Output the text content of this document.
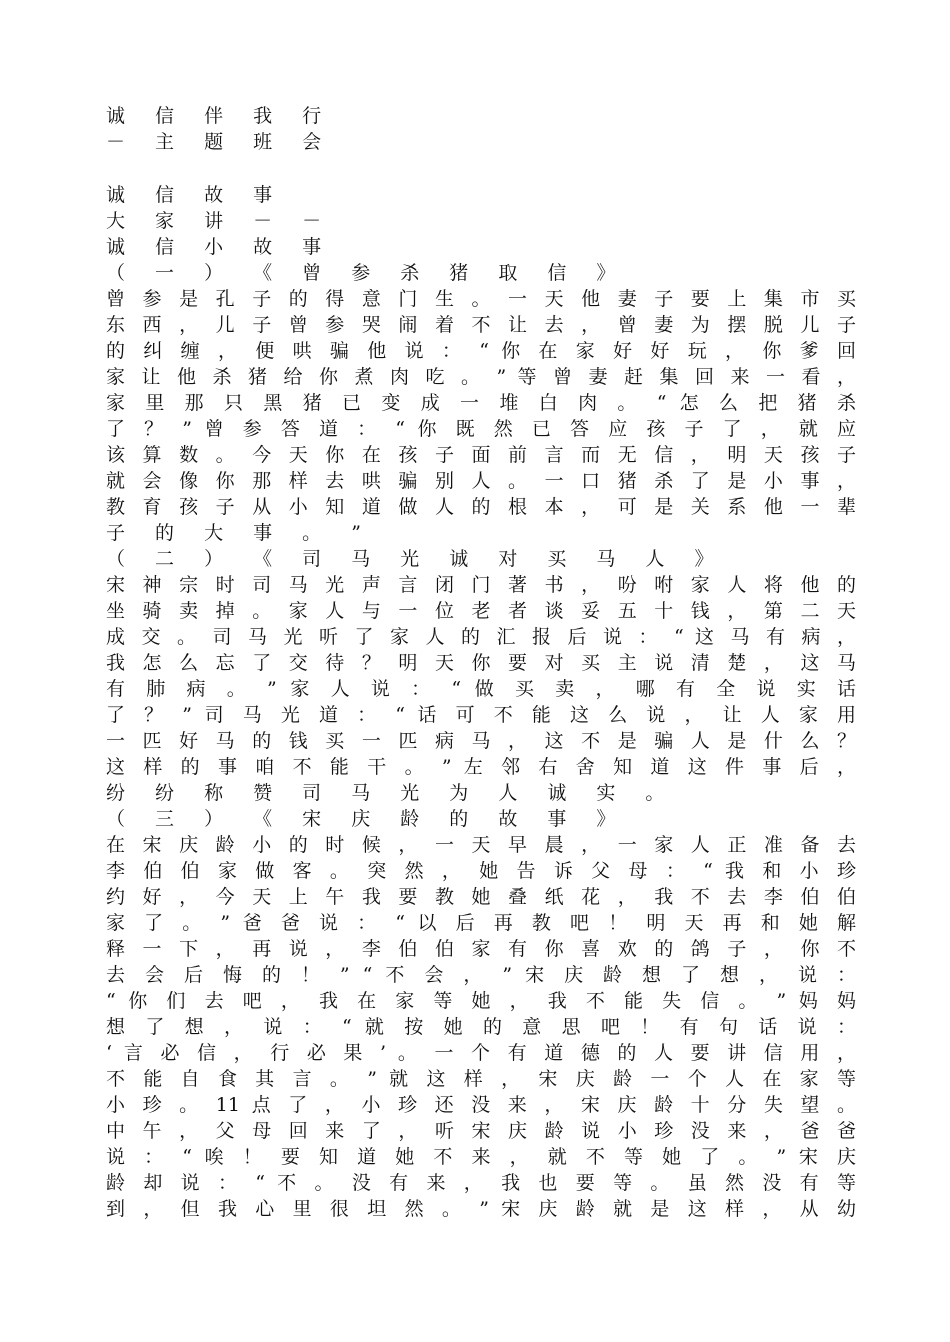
诚 信 伴 我 行
－ 主 题 班 会
诚 信 故 事
大 家 讲 － －
诚 信 小 故 事
（ 一 ） 《 曾 参 杀 猪 取 信 》
曾 参 是 孔 子 的 得 意 门 生 。 一 天 他 妻 子 要 上 集 市 买
东 西 ， 儿 子 曾 参 哭 闹 着 不 让 去 ， 曾 妻 为 摆 脱 儿 子
的 纠 缠 ， 便 哄 骗 他 说 ： “ 你 在 家 好 好 玩 ， 你 爹 回
家 让 他 杀 猪 给 你 煮 肉 吃 。 ” 等 曾 妻 赶 集 回 来 一 看 ，
家 里 那 只 黑 猪 已 变 成 一 堆 白 肉 。 “ 怎 么 把 猪 杀
了 ？ ” 曾 参 答 道 ： “ 你 既 然 已 答 应 孩 子 了 ， 就 应
该 算 数 。 今 天 你 在 孩 子 面 前 言 而 无 信 ， 明 天 孩 子
就 会 像 你 那 样 去 哄 骗 别 人 。 一 口 猪 杀 了 是 小 事 ，
教 育 孩 子 从 小 知 道 做 人 的 根 本 ， 可 是 关 系 他 一 辈
子 的 大 事 。 ”
（ 二 ） 《 司 马 光 诚 对 买 马 人 》
宋 神 宗 时 司 马 光 声 言 闭 门 著 书 ， 吩 咐 家 人 将 他 的
坐 骑 卖 掉 。 家 人 与 一 位 老 者 谈 妥 五 十 钱 ， 第 二 天
成 交 。 司 马 光 听 了 家 人 的 汇 报 后 说 ： “ 这 马 有 病 ，
我 怎 么 忘 了 交 待 ？ 明 天 你 要 对 买 主 说 清 楚 ， 这 马
有 肺 病 。 ” 家 人 说 ： “ 做 买 卖 ， 哪 有 全 说 实 话
了 ？ ” 司 马 光 道 ： “ 话 可 不 能 这 么 说 ， 让 人 家 用
一 匹 好 马 的 钱 买 一 匹 病 马 ， 这 不 是 骗 人 是 什 么 ？
这 样 的 事 咱 不 能 干 。 ” 左 邻 右 舍 知 道 这 件 事 后 ，
纷 纷 称 赞 司 马 光 为 人 诚 实 。
（ 三 ） 《 宋 庆 龄 的 故 事 》
在 宋 庆 龄 小 的 时 候 ， 一 天 早 晨 ， 一 家 人 正 准 备 去
李 伯 伯 家 做 客 。 突 然 ， 她 告 诉 父 母 ： “ 我 和 小 珍
约 好 ， 今 天 上 午 我 要 教 她 叠 纸 花 ， 我 不 去 李 伯 伯
家 了 。 ” 爸 爸 说 ： “ 以 后 再 教 吧 ！ 明 天 再 和 她 解
释 一 下 ， 再 说 ， 李 伯 伯 家 有 你 喜 欢 的 鸽 子 ， 你 不
去 会 后 悔 的 ！ ” “ 不 会 ， ” 宋 庆 龄 想 了 想 ， 说 ：
“ 你 们 去 吧 ， 我 在 家 等 她 ， 我 不 能 失 信 。 ” 妈 妈
想 了 想 ， 说 ： “ 就 按 她 的 意 思 吧 ！ 有 句 话 说 ：
‘ 言 必 信 ， 行 必 果 ’ 。 一 个 有 道 德 的 人 要 讲 信 用 ，
不 能 自 食 其 言 。 ” 就 这 样 ， 宋 庆 龄 一 个 人 在 家 等
小 珍 。 11 点 了 ， 小 珍 还 没 来 ， 宋 庆 龄 十 分 失 望 。
中 午 ， 父 母 回 来 了 ， 听 宋 庆 龄 说 小 珍 没 来 ， 爸 爸
说 ： “ 唉 ！ 要 知 道 她 不 来 ， 就 不 等 她 了 。 ” 宋 庆
龄 却 说 ： “ 不 。 没 有 来 ， 我 也 要 等 。 虽 然 没 有 等
到 ， 但 我 心 里 很 坦 然 。 ” 宋 庆 龄 就 是 这 样 ， 从 幼
